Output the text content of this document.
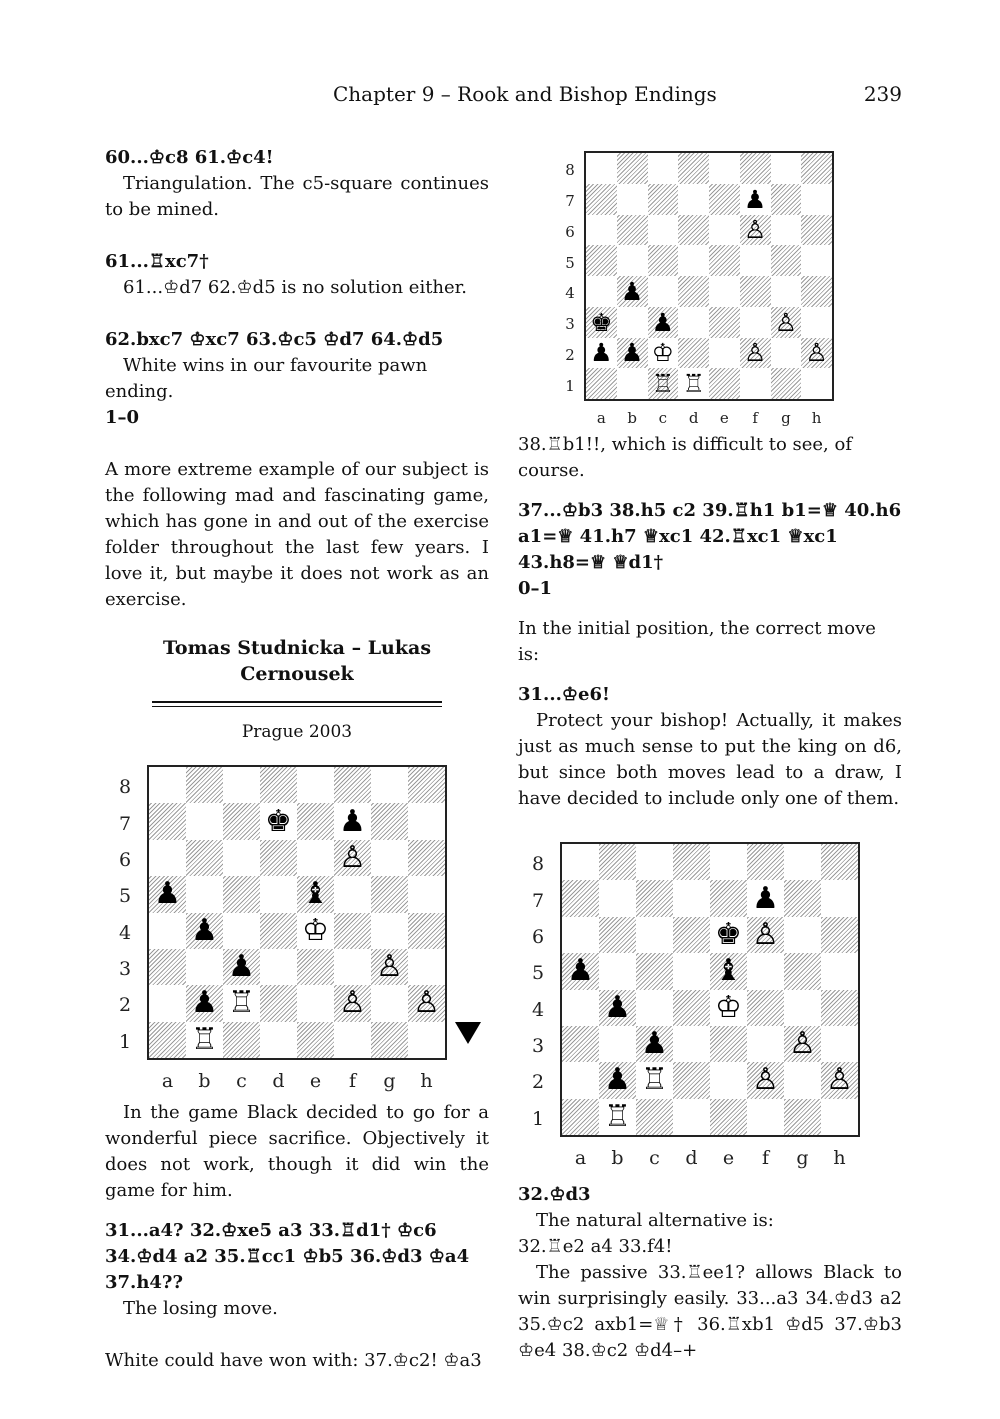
Chapter 9 – Rook and Bishop Endings	239
60...♔c8 61.♔c4!
Triangulation. The c5-square continues to be mined.
61...♖xc7†
61...♔d7 62.♔d5 is no solution either.
62.bxc7 ♔xc7 63.♔c5 ♔d7 64.♔d5
White wins in our favourite pawn ending.
1–0
A more extreme example of our subject is the following mad and fascinating game, which has gone in and out of the exercise folder throughout the last few years. I love it, but maybe it does not work as an exercise.
Tomas Studnicka – Lukas Cernousek
Prague 2003
♚ ♟
♙
♟	♝
♟	♔
♟	♙
♟ ♖	♙ ♙
♖
8
7
6
5
4
3
2
1
a	b	c	d	e	f	g	h
In the game Black decided to go for a wonderful piece sacrifice. Objectively it does not work, though it did win the game for him.
31...a4? 32.♔xe5 a3 33.♖d1† ♔c6 34.♔d4 a2 35.♖cc1 ♔b5 36.♔d3 ♔a4 37.h4??
The losing move.
White could have won with: 37.♔c2! ♔a3
♟
♙
♟
♚ ♟	♙
♟ ♟ ♔	♙ ♙
♖ ♖
8
7
6
5
4
3
2
1
a	b	c	d	e	f	g	h
38.♖b1!!, which is difficult to see, of course.
37...♔b3 38.h5 c2 39.♖h1 b1=♕ 40.h6 a1=♕ 41.h7 ♕xc1 42.♖xc1 ♕xc1 43.h8=♕ ♕d1†
0–1
In the initial position, the correct move is:
31...♔e6!
Protect your bishop! Actually, it makes just as much sense to put the king on d6, but since both moves lead to a draw, I have decided to include only one of them.
♟
♚ ♙
♟	♝
♟	♔
♟	♙
♟ ♖	♙ ♙
♖
8
7
6
5
4
3
2
1
a	b	c	d	e	f	g	h
32.♔d3
The natural alternative is:
32.♖e2 a4 33.f4!
The passive 33.♖ee1? allows Black to win surprisingly easily. 33...a3 34.♔d3 a2 35.♔c2 axb1=♕† 36.♖xb1 ♔d5 37.♔b3 ♔e4 38.♔c2 ♔d4–+
